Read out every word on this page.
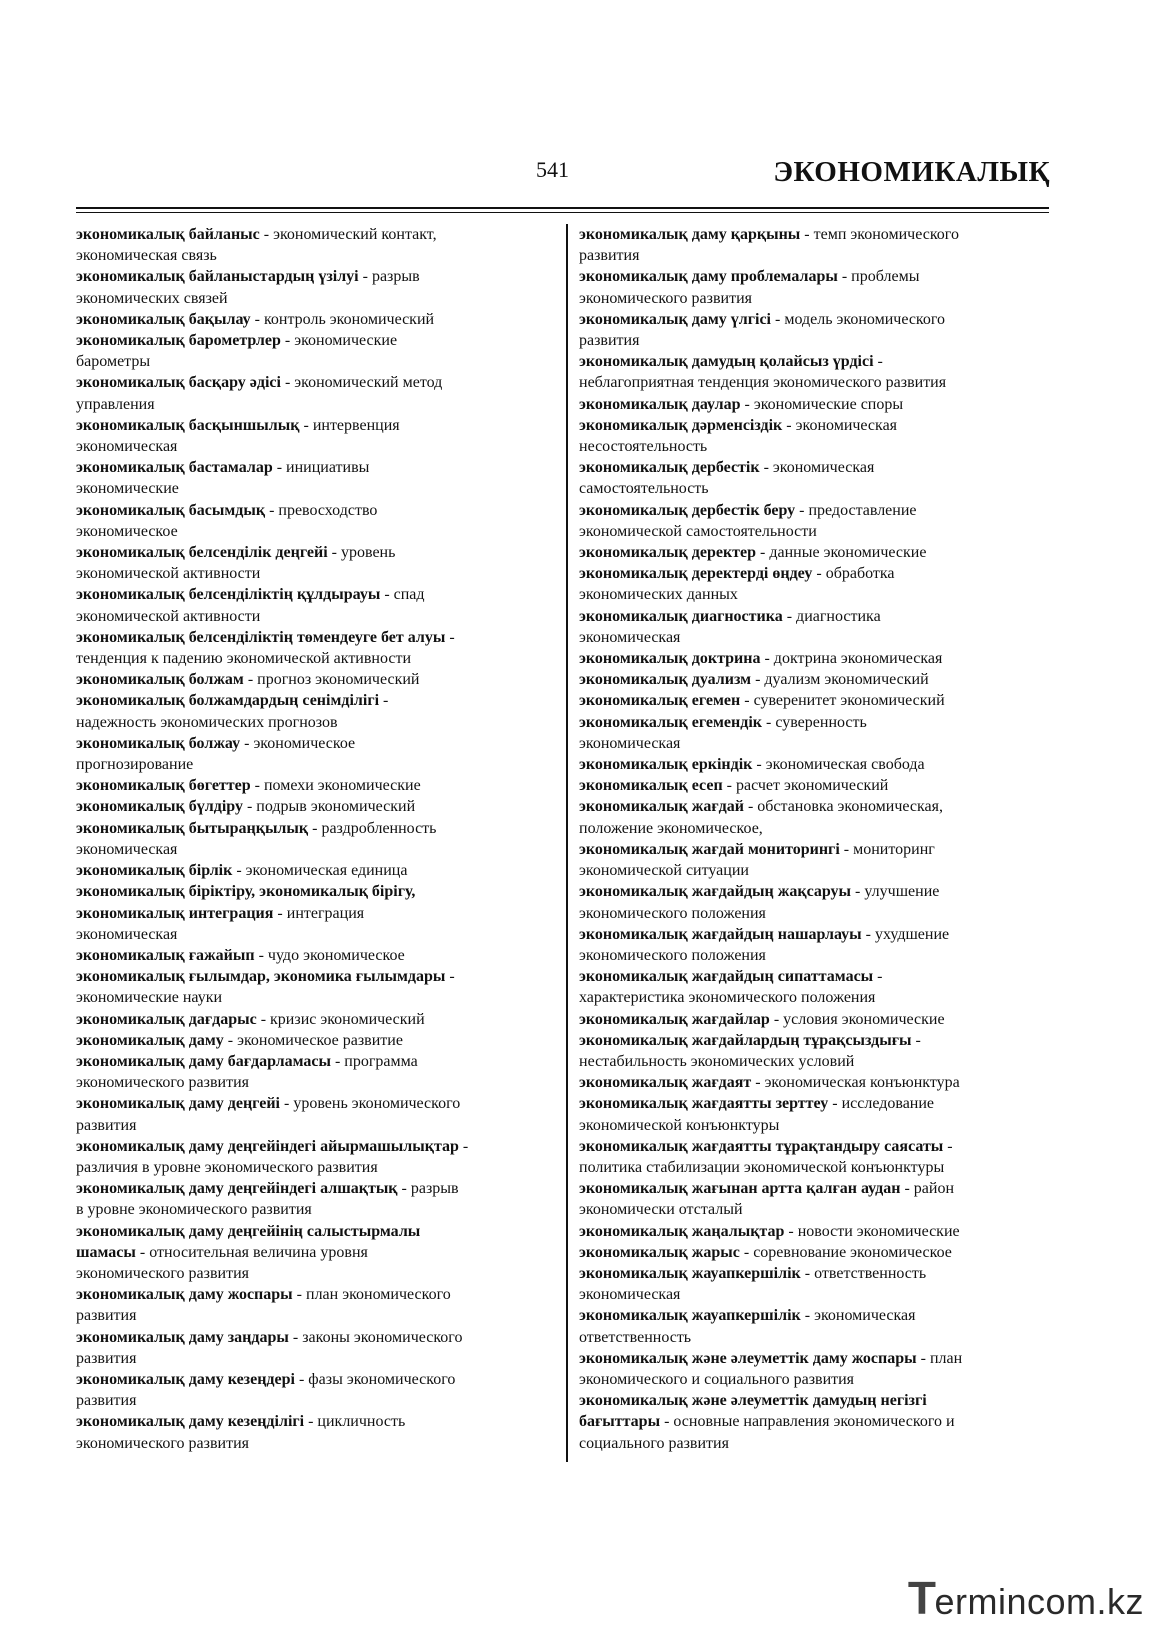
541	ЭКОНОМИКАЛЫҚ

экономикалық байланыс - экономический контакт,
экономическая связь

экономикалық байланыстардың үзілуі - разрыв
экономических связей

экономикалық бақылау - контроль экономический

экономикалық барометрлер - экономические
барометры

экономикалық басқару әдісі - экономический метод
управления

экономикалық басқыншылық - интервенция
экономическая

экономикалық бастамалар - инициативы
экономические

экономикалық басымдық - превосходство
экономическое

экономикалық белсенділік деңгейі - уровень
экономической активности

экономикалық белсенділіктің құлдырауы - спад
экономической активности

экономикалық белсенділіктің төмендеуге бет алуы -
тенденция к падению экономической активности

экономикалық болжам - прогноз экономический

экономикалық болжамдардың сенімділігі -
надежность экономических прогнозов

экономикалық болжау - экономическое
прогнозирование

экономикалық бөгеттер - помехи экономические

экономикалық бүлдіру - подрыв экономический

экономикалық бытыраңқылық - раздробленность
экономическая

экономикалық бірлік - экономическая единица

экономикалық біріктіру, экономикалық бірігу,
экономикалық интеграция - интеграция
экономическая

экономикалық ғажайып - чудо экономическое

экономикалық ғылымдар, экономика ғылымдары -
экономические науки

экономикалық дағдарыс - кризис экономический

экономикалық даму - экономическое развитие

экономикалық даму бағдарламасы - программа
экономического развития

экономикалық даму деңгейі - уровень экономического
развития

экономикалық даму деңгейіндегі айырмашылықтар -
различия в уровне экономического развития

экономикалық даму деңгейіндегі алшақтық - разрыв
в уровне экономического развития

экономикалық даму деңгейінің салыстырмалы
шамасы - относительная величина уровня
экономического развития

экономикалық даму жоспары - план экономического
развития

экономикалық даму заңдары - законы экономического
развития

экономикалық даму кезеңдері - фазы экономического
развития

экономикалық даму кезеңділігі - цикличность
экономического развития

экономикалық даму қарқыны - темп экономического
развития

экономикалық даму проблемалары - проблемы
экономического развития

экономикалық даму үлгісі - модель экономического
развития

экономикалық дамудың қолайсыз үрдісі -
неблагоприятная тенденция экономического развития

экономикалық даулар - экономические споры

экономикалық дәрменсіздік - экономическая
несостоятельность

экономикалық дербестік - экономическая
самостоятельность

экономикалық дербестік беру - предоставление
экономической самостоятельности

экономикалық деректер - данные экономические

экономикалық деректерді өңдеу - обработка
экономических данных

экономикалық диагностика - диагностика
экономическая

экономикалық доктрина - доктрина экономическая

экономикалық дуализм - дуализм экономический

экономикалық егемен - суверенитет экономический

экономикалық егемендік - суверенность
экономическая

экономикалық еркіндік - экономическая свобода

экономикалық есеп - расчет экономический

экономикалық жағдай - обстановка экономическая,
положение экономическое,

экономикалық жағдай мониторингі - мониторинг
экономической ситуации

экономикалық жағдайдың жақсаруы - улучшение
экономического положения

экономикалық жағдайдың нашарлауы - ухудшение
экономического положения

экономикалық жағдайдың сипаттамасы -
характеристика экономического положения

экономикалық жағдайлар - условия экономические

экономикалық жағдайлардың тұрақсыздығы -
нестабильность экономических условий

экономикалық жағдаят - экономическая конъюнктура

экономикалық жағдаятты зерттеу - исследование
экономической конъюнктуры

экономикалық жағдаятты тұрақтандыру саясаты -
политика стабилизации экономической конъюнктуры

экономикалық жағынан артта қалған аудан - район
экономически отсталый

экономикалық жаңалықтар - новости экономические

экономикалық жарыс - соревнование экономическое

экономикалық жауапкершілік - ответственность
экономическая

экономикалық жауапкершілік - экономическая
ответственность

экономикалық және әлеуметтік даму жоспары - план
экономического и социального развития

экономикалық және әлеуметтік дамудың негізгі
бағыттары - основные направления экономического и
социального развития

T
ermincom.kz
